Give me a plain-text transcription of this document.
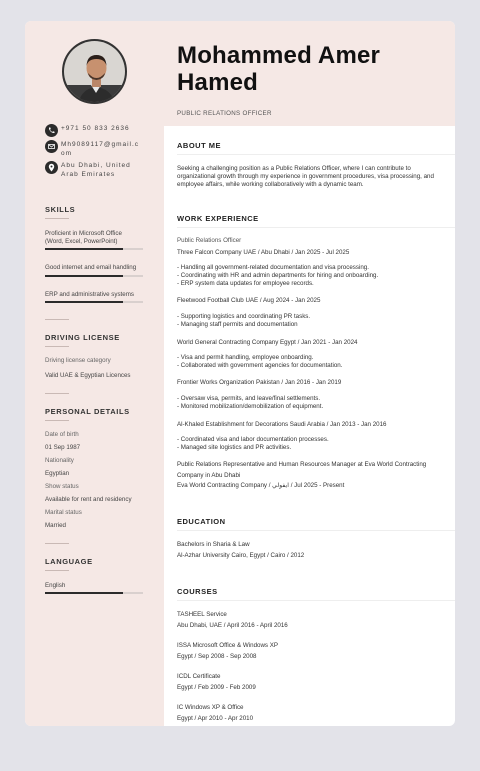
+971 50 833 2636
Mh9089117@gmail.c om
Abu Dhabi, United Arab Emirates
SKILLS
Proficient in Microsoft Office (Word, Excel, PowerPoint)
Good internet and email handling
ERP and administrative systems
DRIVING LICENSE
Driving license category
Valid UAE & Egyptian Licences
PERSONAL DETAILS
Date of birth
01 Sep 1987
Nationality
Egyptian
Show status
Available for rent and residency
Marital status
Married
LANGUAGE
English
Mohammed Amer Hamed
PUBLIC RELATIONS OFFICER
ABOUT ME
Seeking a challenging position as a Public Relations Officer, where I can contribute to organizational growth through my experience in government procedures, visa processing, and employee affairs, while working collaboratively with a dynamic team.
WORK EXPERIENCE
Public Relations Officer
Three Falcon Company UAE / Abu Dhabi / Jan 2025 - Jul 2025
- Handling all government-related documentation and visa processing.
- Coordinating with HR and admin departments for hiring and onboarding.
- ERP system data updates for employee records.
Fleetwood Football Club UAE / Aug 2024 - Jan 2025
- Supporting logistics and coordinating PR tasks.
- Managing staff permits and documentation
World General Contracting Company Egypt / Jan 2021 - Jan 2024
- Visa and permit handling, employee onboarding.
- Collaborated with government agencies for documentation.
Frontier Works Organization Pakistan / Jan 2016 - Jan 2019
- Oversaw visa, permits, and leave/final settlements.
- Monitored mobilization/demobilization of equipment.
Al-Khaled Establishment for Decorations Saudi Arabia / Jan 2013 - Jan 2016
- Coordinated visa and labor documentation processes.
- Managed site logistics and PR activities.
Public Relations Representative and Human Resources Manager at Eva World Contracting Company in Abu Dhabi
Eva World Contracting Company / ايفولي / Jul 2025 - Present
EDUCATION
Bachelors in Sharia & Law
Al-Azhar University Cairo, Egypt / Cairo / 2012
COURSES
TASHEEL Service
Abu Dhabi, UAE / April 2016 - April 2016
ISSA Microsoft Office & Windows XP
Egypt / Sep 2008 - Sep 2008
ICDL Certificate
Egypt / Feb 2009 - Feb 2009
IC Windows XP & Office
Egypt / Apr 2010 - Apr 2010
